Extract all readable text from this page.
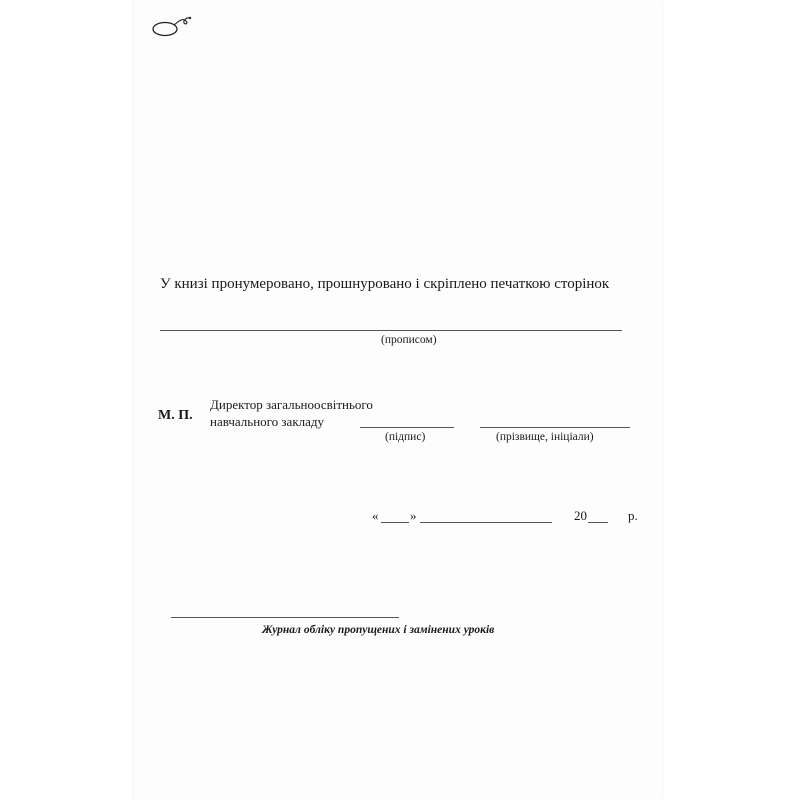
У книзі пронумеровано, прошнуровано і скріплено печаткою сторінок
(прописом)
М. П.
Директор загальноосвітнього
навчального закладу
(підпис)	(прізвище, ініціали)
« »	20	р.
Журнал обліку пропущених і замінених уроків
